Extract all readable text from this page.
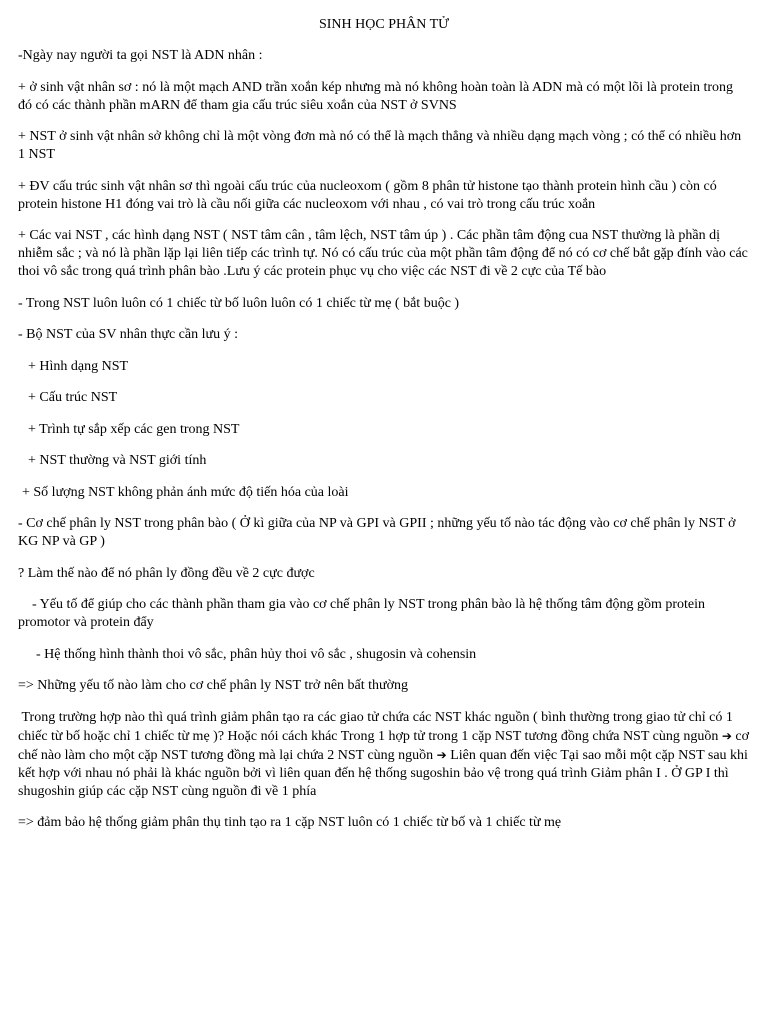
SINH HỌC PHÂN TỬ

-Ngày nay người ta gọi NST là ADN nhân :

+ ở sinh vật nhân sơ : nó là một mạch AND trần xoắn kép nhưng mà nó không hoàn toàn là ADN mà có một lõi là protein trong đó có các thành phần mARN để tham gia cấu trúc siêu xoắn của NST ở SVNS

+ NST ở sinh vật nhân sở không chỉ là một vòng đơn mà nó có thể là mạch thẳng và nhiều dạng mạch vòng ; có thể có nhiều hơn 1 NST

+ ĐV cấu trúc sinh vật nhân sơ thì ngoài cấu trúc của nucleoxom ( gồm 8 phân tử histone tạo thành protein hình cầu ) còn có protein histone H1 đóng vai trò là cầu nối giữa các nucleoxom với nhau , có vai trò trong cấu trúc xoắn

+ Các vai NST , các hình dạng NST ( NST tâm cân , tâm lệch, NST tâm úp ) . Các phần tâm động cua NST thường là phần dị nhiễm sắc ; và nó là phần lặp lại liên tiếp các trình tự. Nó có cấu trúc của một phần tâm động để nó có cơ chế bắt gặp đính vào các thoi vô sắc trong quá trình phân bào .Lưu ý các protein phục vụ cho việc các NST đi về 2 cực của Tế bào

- Trong NST luôn luôn có 1 chiếc từ bố luôn luôn có 1 chiếc từ mẹ ( bắt buộc )

- Bộ NST của SV nhân thực cần lưu ý :

+ Hình dạng NST

+ Cấu trúc NST

+ Trình tự sắp xếp các gen trong NST

+ NST thường và NST giới tính

+ Số lượng NST không phản ánh mức độ tiến hóa của loài

- Cơ chế phân ly NST trong phân bào ( Ở kì giữa của NP và GPI và GPII ; những yếu tố nào tác động vào cơ chế phân ly NST ở KG NP và GP )

? Làm thế nào để nó phân ly đồng đều về 2 cực được

- Yếu tố để giúp cho các thành phần tham gia vào cơ chế phân ly NST trong phân bào là hệ thống tâm động gồm protein promotor và protein đẩy

- Hệ thống hình thành thoi vô sắc, phân hủy thoi vô sắc , shugosin và cohensin

=> Những yếu tố nào làm cho cơ chế phân ly NST trở nên bất thường

Trong trường hợp nào thì quá trình giảm phân tạo ra các giao tử chứa các NST khác nguồn ( bình thường trong giao tử chỉ có 1 chiếc từ bố hoặc chỉ 1 chiếc từ mẹ )? Hoặc nói cách khác Trong 1 hợp tử trong 1 cặp NST tương đồng chứa NST cùng nguồn ➔ cơ chế nào làm cho một cặp NST tương đồng mà lại chứa 2 NST cùng nguồn ➔ Liên quan đến việc Tại sao mỗi một cặp NST sau khi kết hợp với nhau nó phải là khác nguồn bởi vì liên quan đến hệ thống sugoshin bảo vệ trong quá trình Giảm phân I . Ở GP I thì shugoshin giúp các cặp NST cùng nguồn đi về 1 phía

=> đảm bảo hệ thống giảm phân thụ tinh tạo ra 1 cặp NST luôn có 1 chiếc từ bố và 1 chiếc từ mẹ
